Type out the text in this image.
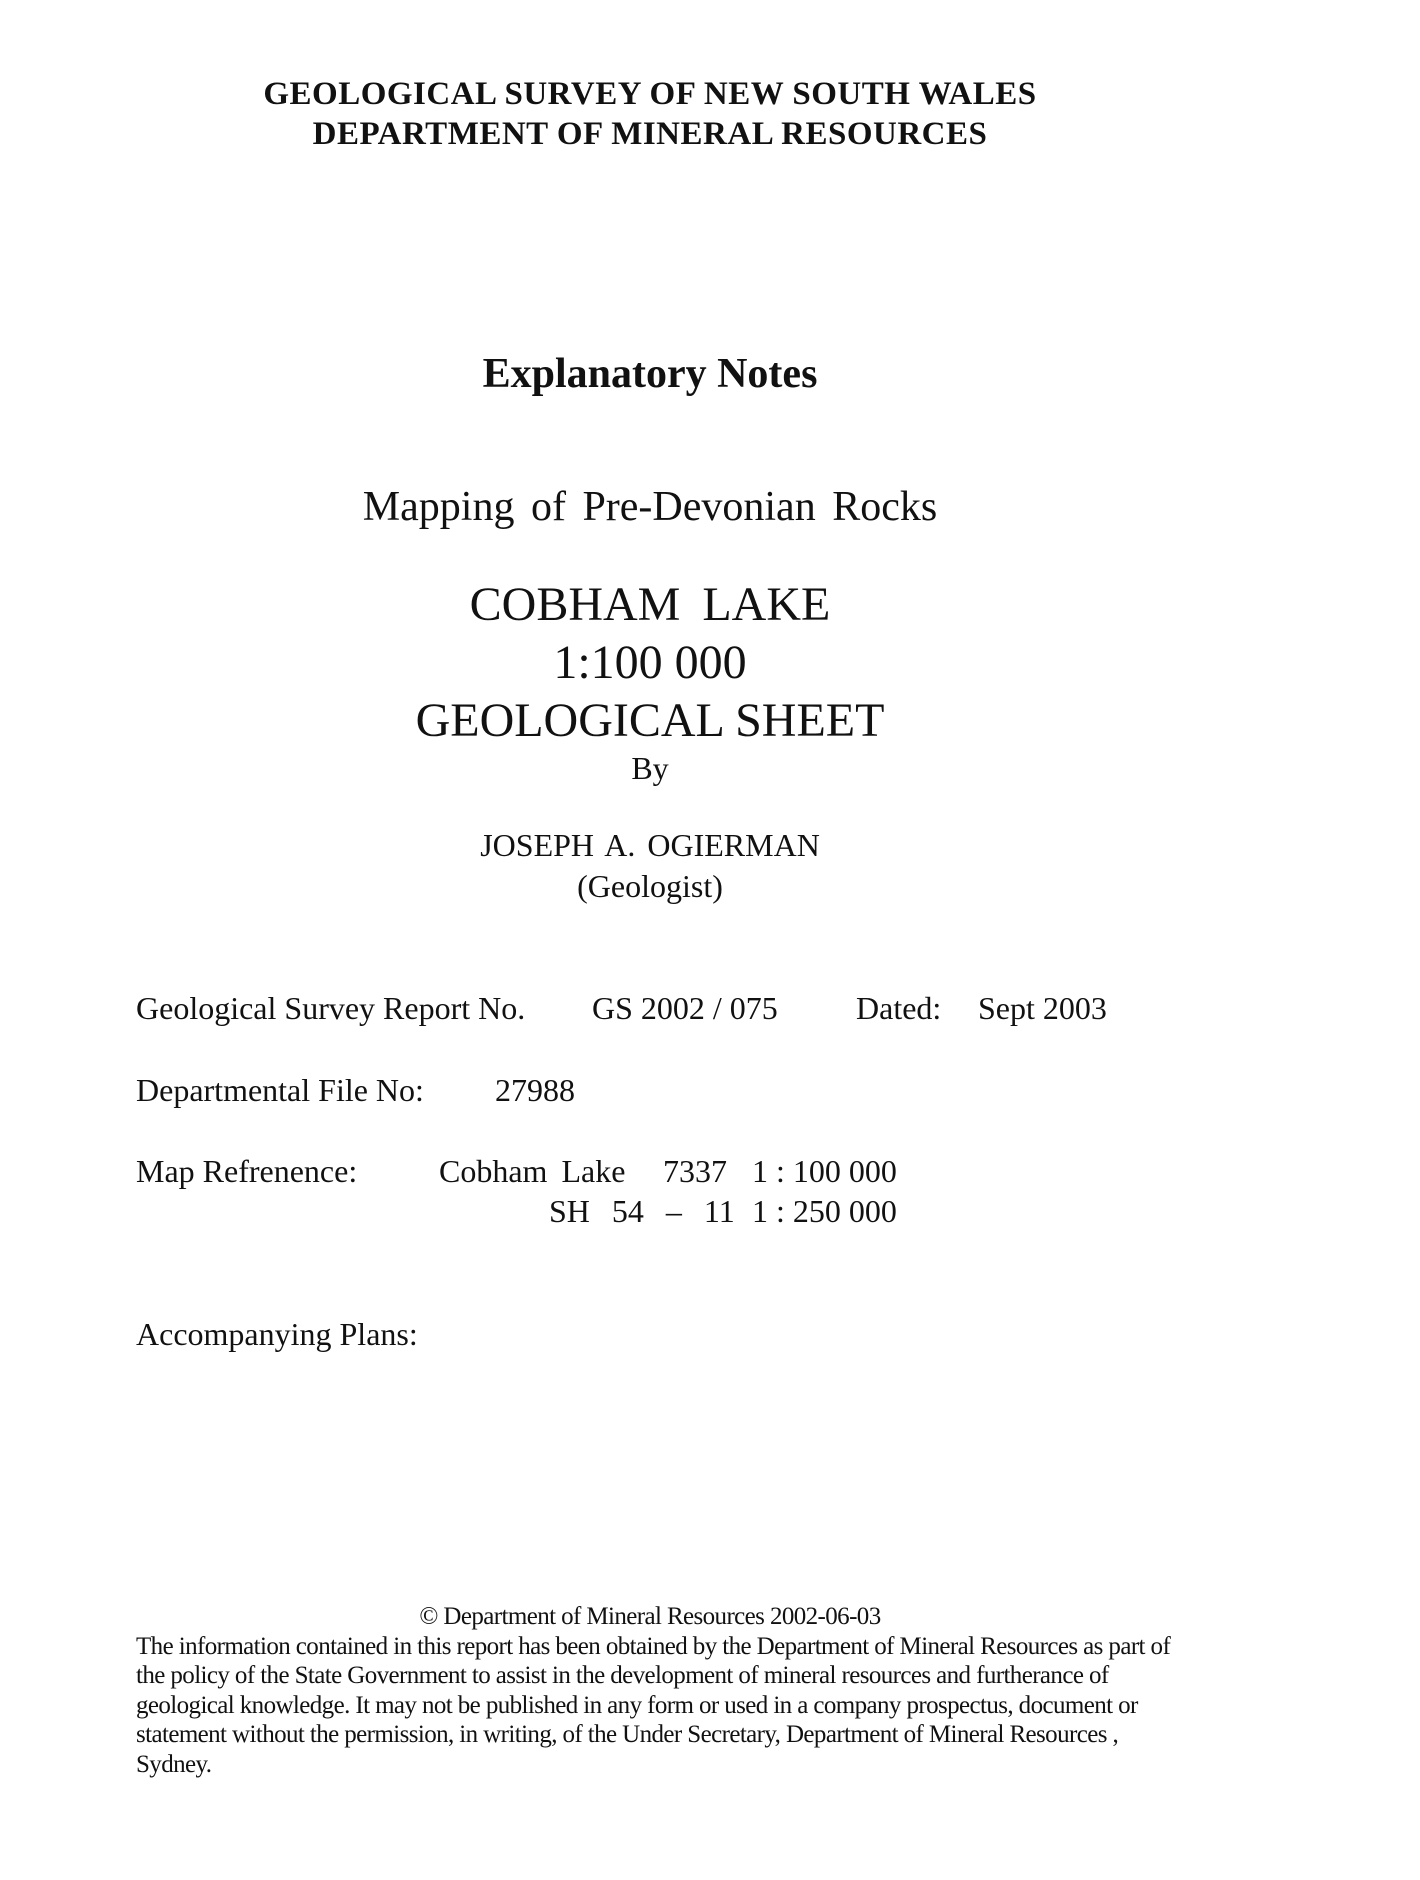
GEOLOGICAL SURVEY OF NEW SOUTH WALES
DEPARTMENT OF MINERAL RESOURCES
Explanatory Notes
Mapping of Pre-Devonian Rocks
COBHAM LAKE
1:100 000
GEOLOGICAL SHEET
By
JOSEPH A. OGIERMAN
(Geologist)
Geological Survey Report No. GS 2002 / 075 Dated: Sept 2003
Departmental File No: 27988
Map Refrenence:	Cobham Lake 7337 1 : 100 000
SH 54 – 11 1 : 250 000
Accompanying Plans:
© Department of Mineral Resources 2002-06-03
The information contained in this report has been obtained by the Department of Mineral Resources as part of
the policy of the State Government to assist in the development of mineral resources and furtherance of
geological knowledge. It may not be published in any form or used in a company prospectus, document or
statement without the permission, in writing, of the Under Secretary, Department of Mineral Resources ,
Sydney.
